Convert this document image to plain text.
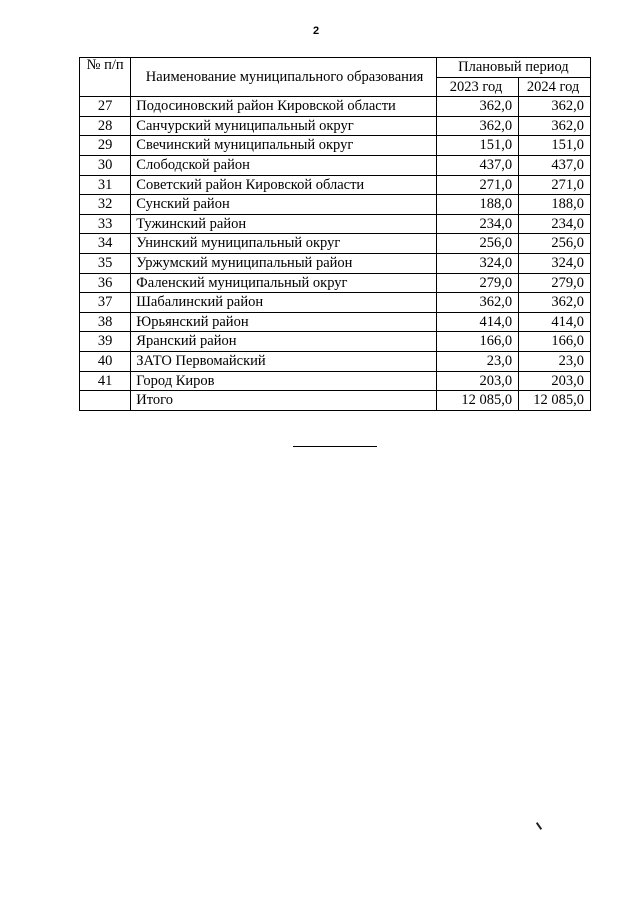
2
№ п/п	Наименование муниципального образования	Плановый период	
		2023 год	2024 год
27	Подосиновский район Кировской области	362,0	362,0
28	Санчурский муниципальный округ	362,0	362,0
29	Свечинский муниципальный округ	151,0	151,0
30	Слободской район	437,0	437,0
31	Советский район Кировской области	271,0	271,0
32	Сунский район	188,0	188,0
33	Тужинский район	234,0	234,0
34	Унинский муниципальный округ	256,0	256,0
35	Уржумский муниципальный район	324,0	324,0
36	Фаленский муниципальный округ	279,0	279,0
37	Шабалинский район	362,0	362,0
38	Юрьянский район	414,0	414,0
39	Яранский район	166,0	166,0
40	ЗАТО Первомайский	23,0	23,0
41	Город Киров	203,0	203,0
	Итого	12 085,0	12 085,0
